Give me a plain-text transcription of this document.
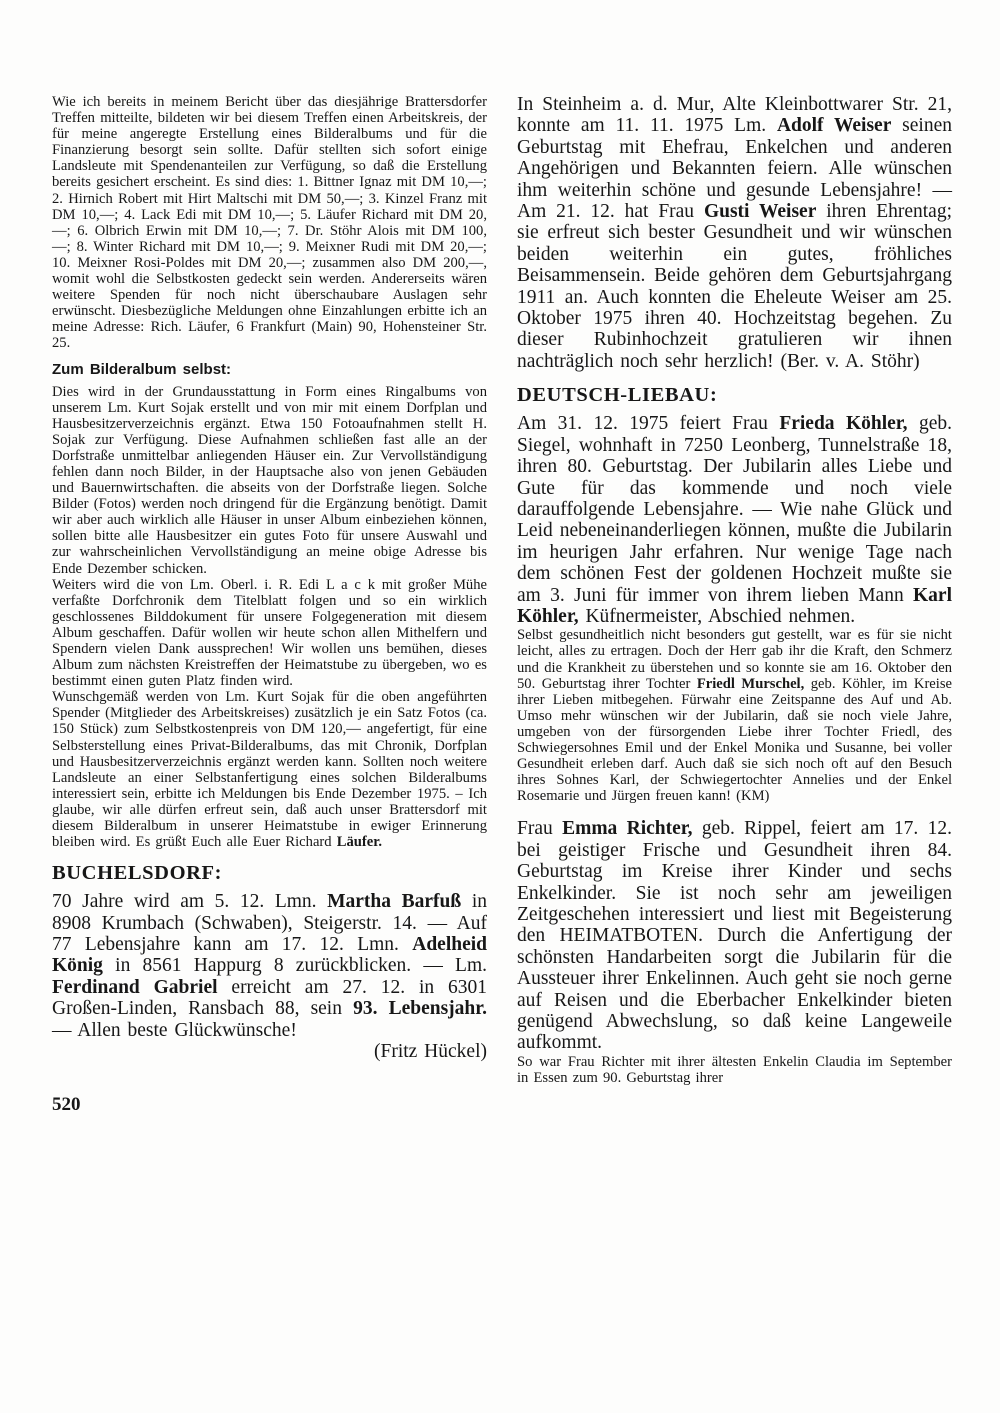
Wie ich bereits in meinem Bericht über das diesjährige Brattersdorfer Treffen mitteilte, bildeten wir bei diesem Treffen einen Arbeitskreis, der für meine angeregte Erstellung eines Bilderalbums und für die Finanzierung besorgt sein sollte. Dafür stellten sich sofort einige Landsleute mit Spendenanteilen zur Verfügung, so daß die Erstellung bereits gesichert erscheint. Es sind dies: 1. Bittner Ignaz mit DM 10,—; 2. Hirnich Robert mit Hirt Maltschi mit DM 50,—; 3. Kinzel Franz mit DM 10,—; 4. Lack Edi mit DM 10,—; 5. Läufer Richard mit DM 20,—; 6. Olbrich Erwin mit DM 10,—; 7. Dr. Stöhr Alois mit DM 100,—; 8. Winter Richard mit DM 10,—; 9. Meixner Rudi mit DM 20,—; 10. Meixner Rosi-Poldes mit DM 20,—; zusammen also DM 200,—, womit wohl die Selbstkosten gedeckt sein werden. Andererseits wären weitere Spenden für noch nicht überschaubare Auslagen sehr erwünscht. Diesbezügliche Meldungen ohne Einzahlungen erbitte ich an meine Adresse: Rich. Läufer, 6 Frankfurt (Main) 90, Hohensteiner Str. 25.

Zum Bilderalbum selbst:

Dies wird in der Grundausstattung in Form eines Ringalbums von unserem Lm. Kurt Sojak erstellt und von mir mit einem Dorfplan und Hausbesitzerverzeichnis ergänzt. Etwa 150 Fotoaufnahmen stellt H. Sojak zur Verfügung. Diese Aufnahmen schließen fast alle an der Dorfstraße unmittelbar anliegenden Häuser ein. Zur Vervollständigung fehlen dann noch Bilder, in der Hauptsache also von jenen Gebäuden und Bauernwirtschaften. die abseits von der Dorfstraße liegen. Solche Bilder (Fotos) werden noch dringend für die Ergänzung benötigt. Damit wir aber auch wirklich alle Häuser in unser Album einbeziehen können, sollen bitte alle Hausbesitzer ein gutes Foto für unsere Auswahl und zur wahrscheinlichen Vervollständigung an meine obige Adresse bis Ende Dezember schicken.

Weiters wird die von Lm. Oberl. i. R. Edi L a c k mit großer Mühe verfaßte Dorfchronik dem Titelblatt folgen und so ein wirklich geschlossenes Bilddokument für unsere Folgegeneration mit diesem Album geschaffen. Dafür wollen wir heute schon allen Mithelfern und Spendern vielen Dank aussprechen! Wir wollen uns bemühen, dieses Album zum nächsten Kreistreffen der Heimatstube zu übergeben, wo es bestimmt einen guten Platz finden wird.

Wunschgemäß werden von Lm. Kurt Sojak für die oben angeführten Spender (Mitglieder des Arbeitskreises) zusätzlich je ein Satz Fotos (ca. 150 Stück) zum Selbstkostenpreis von DM 120,— angefertigt, für eine Selbsterstellung eines Privat-Bilderalbums, das mit Chronik, Dorfplan und Hausbesitzerverzeichnis ergänzt werden kann. Sollten noch weitere Landsleute an einer Selbstanfertigung eines solchen Bilderalbums interessiert sein, erbitte ich Meldungen bis Ende Dezember 1975. – Ich glaube, wir alle dürfen erfreut sein, daß auch unser Brattersdorf mit diesem Bilderalbum in unserer Heimatstube in ewiger Erinnerung bleiben wird. Es grüßt Euch alle Euer Richard Läufer.

BUCHELSDORF:

70 Jahre wird am 5. 12. Lmn. Martha Barfuß in 8908 Krumbach (Schwaben), Steigerstr. 14. — Auf 77 Lebensjahre kann am 17. 12. Lmn. Adelheid König in 8561 Happurg 8 zurückblicken. — Lm. Ferdinand Gabriel erreicht am 27. 12. in 6301 Großen-Linden, Ransbach 88, sein 93. Lebensjahr. — Allen beste Glückwünsche!

(Fritz Hückel)

520

In Steinheim a. d. Mur, Alte Kleinbottwarer Str. 21, konnte am 11. 11. 1975 Lm. Adolf Weiser seinen Geburtstag mit Ehefrau, Enkelchen und anderen Angehörigen und Bekannten feiern. Alle wünschen ihm weiterhin schöne und gesunde Lebensjahre! — Am 21. 12. hat Frau Gusti Weiser ihren Ehrentag; sie erfreut sich bester Gesundheit und wir wünschen beiden weiterhin ein gutes, fröhliches Beisammensein. Beide gehören dem Geburtsjahrgang 1911 an. Auch konnten die Eheleute Weiser am 25. Oktober 1975 ihren 40. Hochzeitstag begehen. Zu dieser Rubinhochzeit gratulieren wir ihnen nachträglich noch sehr herzlich! (Ber. v. A. Stöhr)

DEUTSCH-LIEBAU:

Am 31. 12. 1975 feiert Frau Frieda Köhler, geb. Siegel, wohnhaft in 7250 Leonberg, Tunnelstraße 18, ihren 80. Geburtstag. Der Jubilarin alles Liebe und Gute für das kommende und noch viele darauffolgende Lebensjahre. — Wie nahe Glück und Leid nebeneinanderliegen können, mußte die Jubilarin im heurigen Jahr erfahren. Nur wenige Tage nach dem schönen Fest der goldenen Hochzeit mußte sie am 3. Juni für immer von ihrem lieben Mann Karl Köhler, Küfnermeister, Abschied nehmen.

Selbst gesundheitlich nicht besonders gut gestellt, war es für sie nicht leicht, alles zu ertragen. Doch der Herr gab ihr die Kraft, den Schmerz und die Krankheit zu überstehen und so konnte sie am 16. Oktober den 50. Geburtstag ihrer Tochter Friedl Murschel, geb. Köhler, im Kreise ihrer Lieben mitbegehen. Fürwahr eine Zeitspanne des Auf und Ab. Umso mehr wünschen wir der Jubilarin, daß sie noch viele Jahre, umgeben von der fürsorgenden Liebe ihrer Tochter Friedl, des Schwiegersohnes Emil und der Enkel Monika und Susanne, bei voller Gesundheit erleben darf. Auch daß sie sich noch oft auf den Besuch ihres Sohnes Karl, der Schwiegertochter Annelies und der Enkel Rosemarie und Jürgen freuen kann! (KM)

Frau Emma Richter, geb. Rippel, feiert am 17. 12. bei geistiger Frische und Gesundheit ihren 84. Geburtstag im Kreise ihrer Kinder und sechs Enkelkinder. Sie ist noch sehr am jeweiligen Zeitgeschehen interessiert und liest mit Begeisterung den HEIMATBOTEN. Durch die Anfertigung der schönsten Handarbeiten sorgt die Jubilarin für die Aussteuer ihrer Enkelinnen. Auch geht sie noch gerne auf Reisen und die Eberbacher Enkelkinder bieten genügend Abwechslung, so daß keine Langeweile aufkommt.

So war Frau Richter mit ihrer ältesten Enkelin Claudia im September in Essen zum 90. Geburtstag ihrer
